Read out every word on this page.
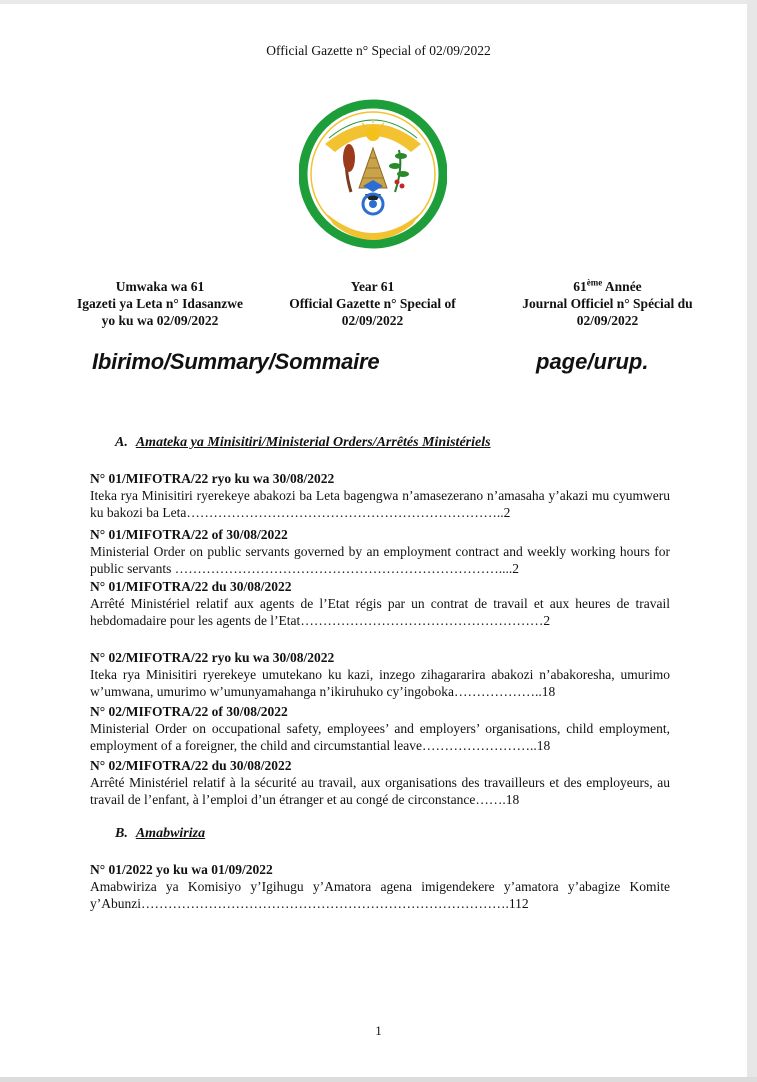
Official Gazette n° Special of 02/09/2022
Umwaka wa 61
Igazeti ya Leta n° Idasanzwe
yo ku wa 02/09/2022
Year 61
Official Gazette n° Special of
02/09/2022
61ème Année
Journal Officiel n° Spécial du
02/09/2022
Ibirimo/Summary/Sommaire	page/urup.
A. Amateka ya Minisitiri/Ministerial Orders/Arrêtés Ministériels
N° 01/MIFOTRA/22 ryo ku wa 30/08/2022
Iteka rya Minisitiri ryerekeye abakozi ba Leta bagengwa n’amasezerano n’amasaha y’akazi mu cyumweru ku bakozi ba Leta……………………………………………………………..2
N° 01/MIFOTRA/22 of 30/08/2022
Ministerial Order on public servants governed by an employment contract and weekly working hours for public servants ………………………………………………………………....2
N° 01/MIFOTRA/22 du 30/08/2022
Arrêté Ministériel relatif aux agents de l’Etat régis par un contrat de travail et aux heures de travail hebdomadaire pour les agents de l’Etat………………………………………………2
N° 02/MIFOTRA/22 ryo ku wa 30/08/2022
Iteka rya Minisitiri ryerekeye umutekano ku kazi, inzego zihagararira abakozi n’abakoresha, umurimo w’umwana, umurimo w’umunyamahanga n’ikiruhuko cy’ingoboka………………..18
N° 02/MIFOTRA/22 of 30/08/2022
Ministerial Order on occupational safety, employees’ and employers’ organisations, child employment, employment of a foreigner, the child and circumstantial leave……………………..18
N° 02/MIFOTRA/22 du 30/08/2022
Arrêté Ministériel relatif à la sécurité au travail, aux organisations des travailleurs et des employeurs, au travail de l’enfant, à l’emploi d’un étranger et au congé de circonstance…….18
B. Amabwiriza
N° 01/2022 yo ku wa 01/09/2022
Amabwiriza ya Komisiyo y’Igihugu y’Amatora agena imigendekere y’amatora y’abagize Komite y’Abunzi……………………………………………………………………….112
1
